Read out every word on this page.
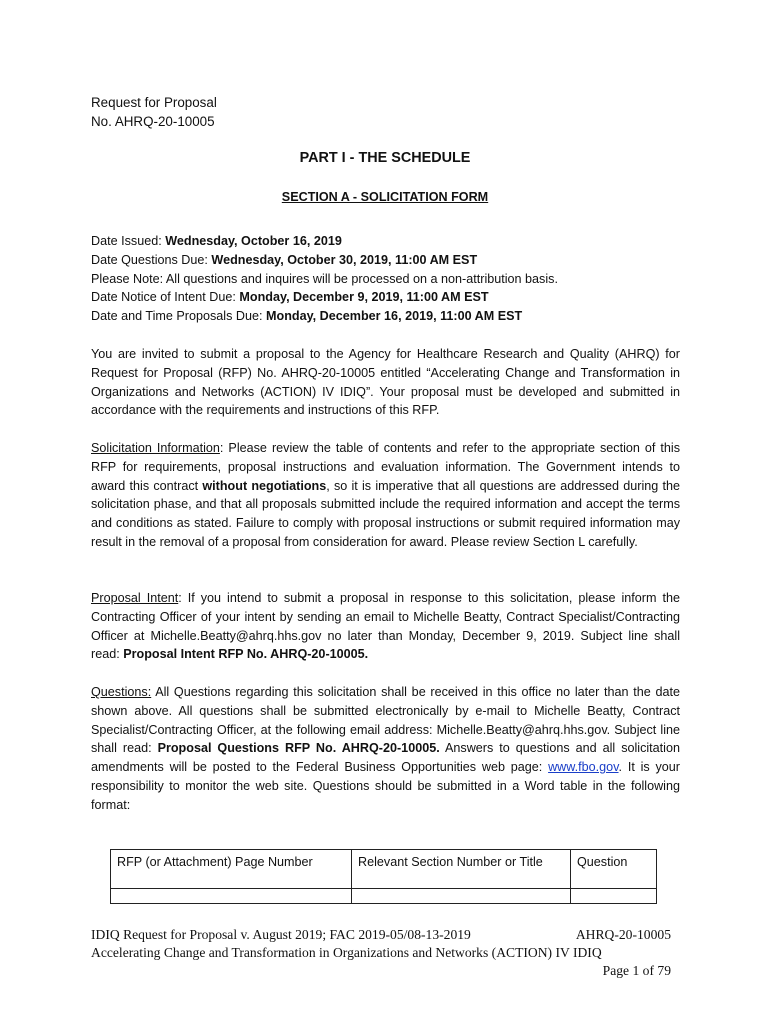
Request for Proposal
No. AHRQ-20-10005
PART I - THE SCHEDULE
SECTION A - SOLICITATION FORM
Date Issued: Wednesday, October 16, 2019
Date Questions Due: Wednesday, October 30, 2019, 11:00 AM EST
Please Note: All questions and inquires will be processed on a non-attribution basis.
Date Notice of Intent Due: Monday, December 9, 2019, 11:00 AM EST
Date and Time Proposals Due: Monday, December 16, 2019, 11:00 AM EST
You are invited to submit a proposal to the Agency for Healthcare Research and Quality (AHRQ) for Request for Proposal (RFP) No. AHRQ-20-10005 entitled “Accelerating Change and Transformation in Organizations and Networks (ACTION) IV IDIQ”. Your proposal must be developed and submitted in accordance with the requirements and instructions of this RFP.
Solicitation Information: Please review the table of contents and refer to the appropriate section of this RFP for requirements, proposal instructions and evaluation information. The Government intends to award this contract without negotiations, so it is imperative that all questions are addressed during the solicitation phase, and that all proposals submitted include the required information and accept the terms and conditions as stated. Failure to comply with proposal instructions or submit required information may result in the removal of a proposal from consideration for award. Please review Section L carefully.
Proposal Intent: If you intend to submit a proposal in response to this solicitation, please inform the Contracting Officer of your intent by sending an email to Michelle Beatty, Contract Specialist/Contracting Officer at Michelle.Beatty@ahrq.hhs.gov no later than Monday, December 9, 2019. Subject line shall read: Proposal Intent RFP No. AHRQ-20-10005.
Questions: All Questions regarding this solicitation shall be received in this office no later than the date shown above. All questions shall be submitted electronically by e-mail to Michelle Beatty, Contract Specialist/Contracting Officer, at the following email address: Michelle.Beatty@ahrq.hhs.gov. Subject line shall read: Proposal Questions RFP No. AHRQ-20-10005. Answers to questions and all solicitation amendments will be posted to the Federal Business Opportunities web page: www.fbo.gov. It is your responsibility to monitor the web site. Questions should be submitted in a Word table in the following format:
RFP (or Attachment) Page Number	Relevant Section Number or Title	Question

IDIQ Request for Proposal v. August 2019; FAC 2019-05/08-13-2019	AHRQ-20-10005
Accelerating Change and Transformation in Organizations and Networks (ACTION) IV IDIQ
Page 1 of 79
